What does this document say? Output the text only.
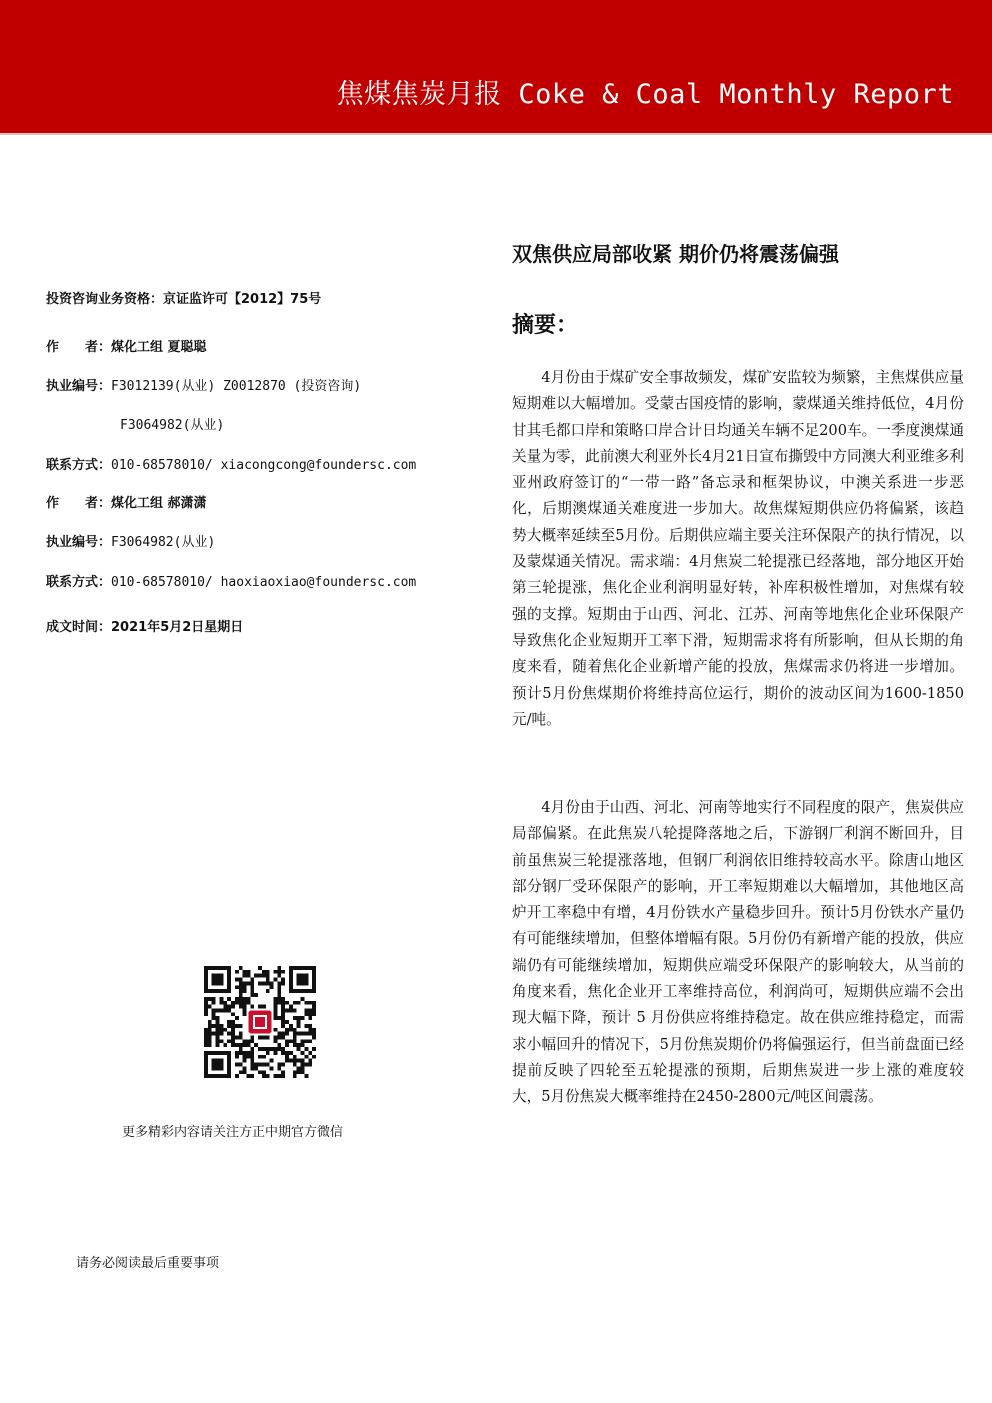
焦煤焦炭月报 Coke & Coal Monthly Report
投资咨询业务资格：京证监许可【2012】75号
作　　者：煤化工组 夏聪聪
执业编号：F3012139(从业) Z0012870 (投资咨询)
F3064982(从业)
联系方式：010-68578010/ xiacongcong@foundersc.com
作　　者：煤化工组 郝潇潇
执业编号：F3064982(从业)
联系方式：010-68578010/ haoxiaoxiao@foundersc.com
成文时间：2021年5月2日星期日
更多精彩内容请关注方正中期官方微信
请务必阅读最后重要事项
双焦供应局部收紧 期价仍将震荡偏强
摘要：

4月份由于煤矿安全事故频发，煤矿安监较为频繁，主焦煤供应量短期难以大幅增加。受蒙古国疫情的影响，蒙煤通关维持低位，4月份甘其毛都口岸和策略口岸合计日均通关车辆不足200车。一季度澳煤通关量为零，此前澳大利亚外长4月21日宣布撕毁中方同澳大利亚维多利亚州政府签订的“一带一路”备忘录和框架协议，中澳关系进一步恶化，后期澳煤通关难度进一步加大。故焦煤短期供应仍将偏紧，该趋势大概率延续至5月份。后期供应端主要关注环保限产的执行情况，以及蒙煤通关情况。需求端：4月焦炭二轮提涨已经落地，部分地区开始第三轮提涨，焦化企业利润明显好转，补库积极性增加，对焦煤有较强的支撑。短期由于山西、河北、江苏、河南等地焦化企业环保限产导致焦化企业短期开工率下滑，短期需求将有所影响，但从长期的角度来看，随着焦化企业新增产能的投放，焦煤需求仍将进一步增加。预计5月份焦煤期价将维持高位运行，期价的波动区间为1600-1850元/吨。

4月份由于山西、河北、河南等地实行不同程度的限产，焦炭供应局部偏紧。在此焦炭八轮提降落地之后，下游钢厂利润不断回升，目前虽焦炭三轮提涨落地，但钢厂利润依旧维持较高水平。除唐山地区部分钢厂受环保限产的影响，开工率短期难以大幅增加，其他地区高炉开工率稳中有增，4月份铁水产量稳步回升。预计5月份铁水产量仍有可能继续增加，但整体增幅有限。5月份仍有新增产能的投放，供应端仍有可能继续增加，短期供应端受环保限产的影响较大，从当前的角度来看，焦化企业开工率维持高位，利润尚可，短期供应端不会出现大幅下降，预计 5 月份供应将维持稳定。故在供应维持稳定，而需求小幅回升的情况下，5月份焦炭期价仍将偏强运行，但当前盘面已经提前反映了四轮至五轮提涨的预期，后期焦炭进一步上涨的难度较大，5月份焦炭大概率维持在2450-2800元/吨区间震荡。
